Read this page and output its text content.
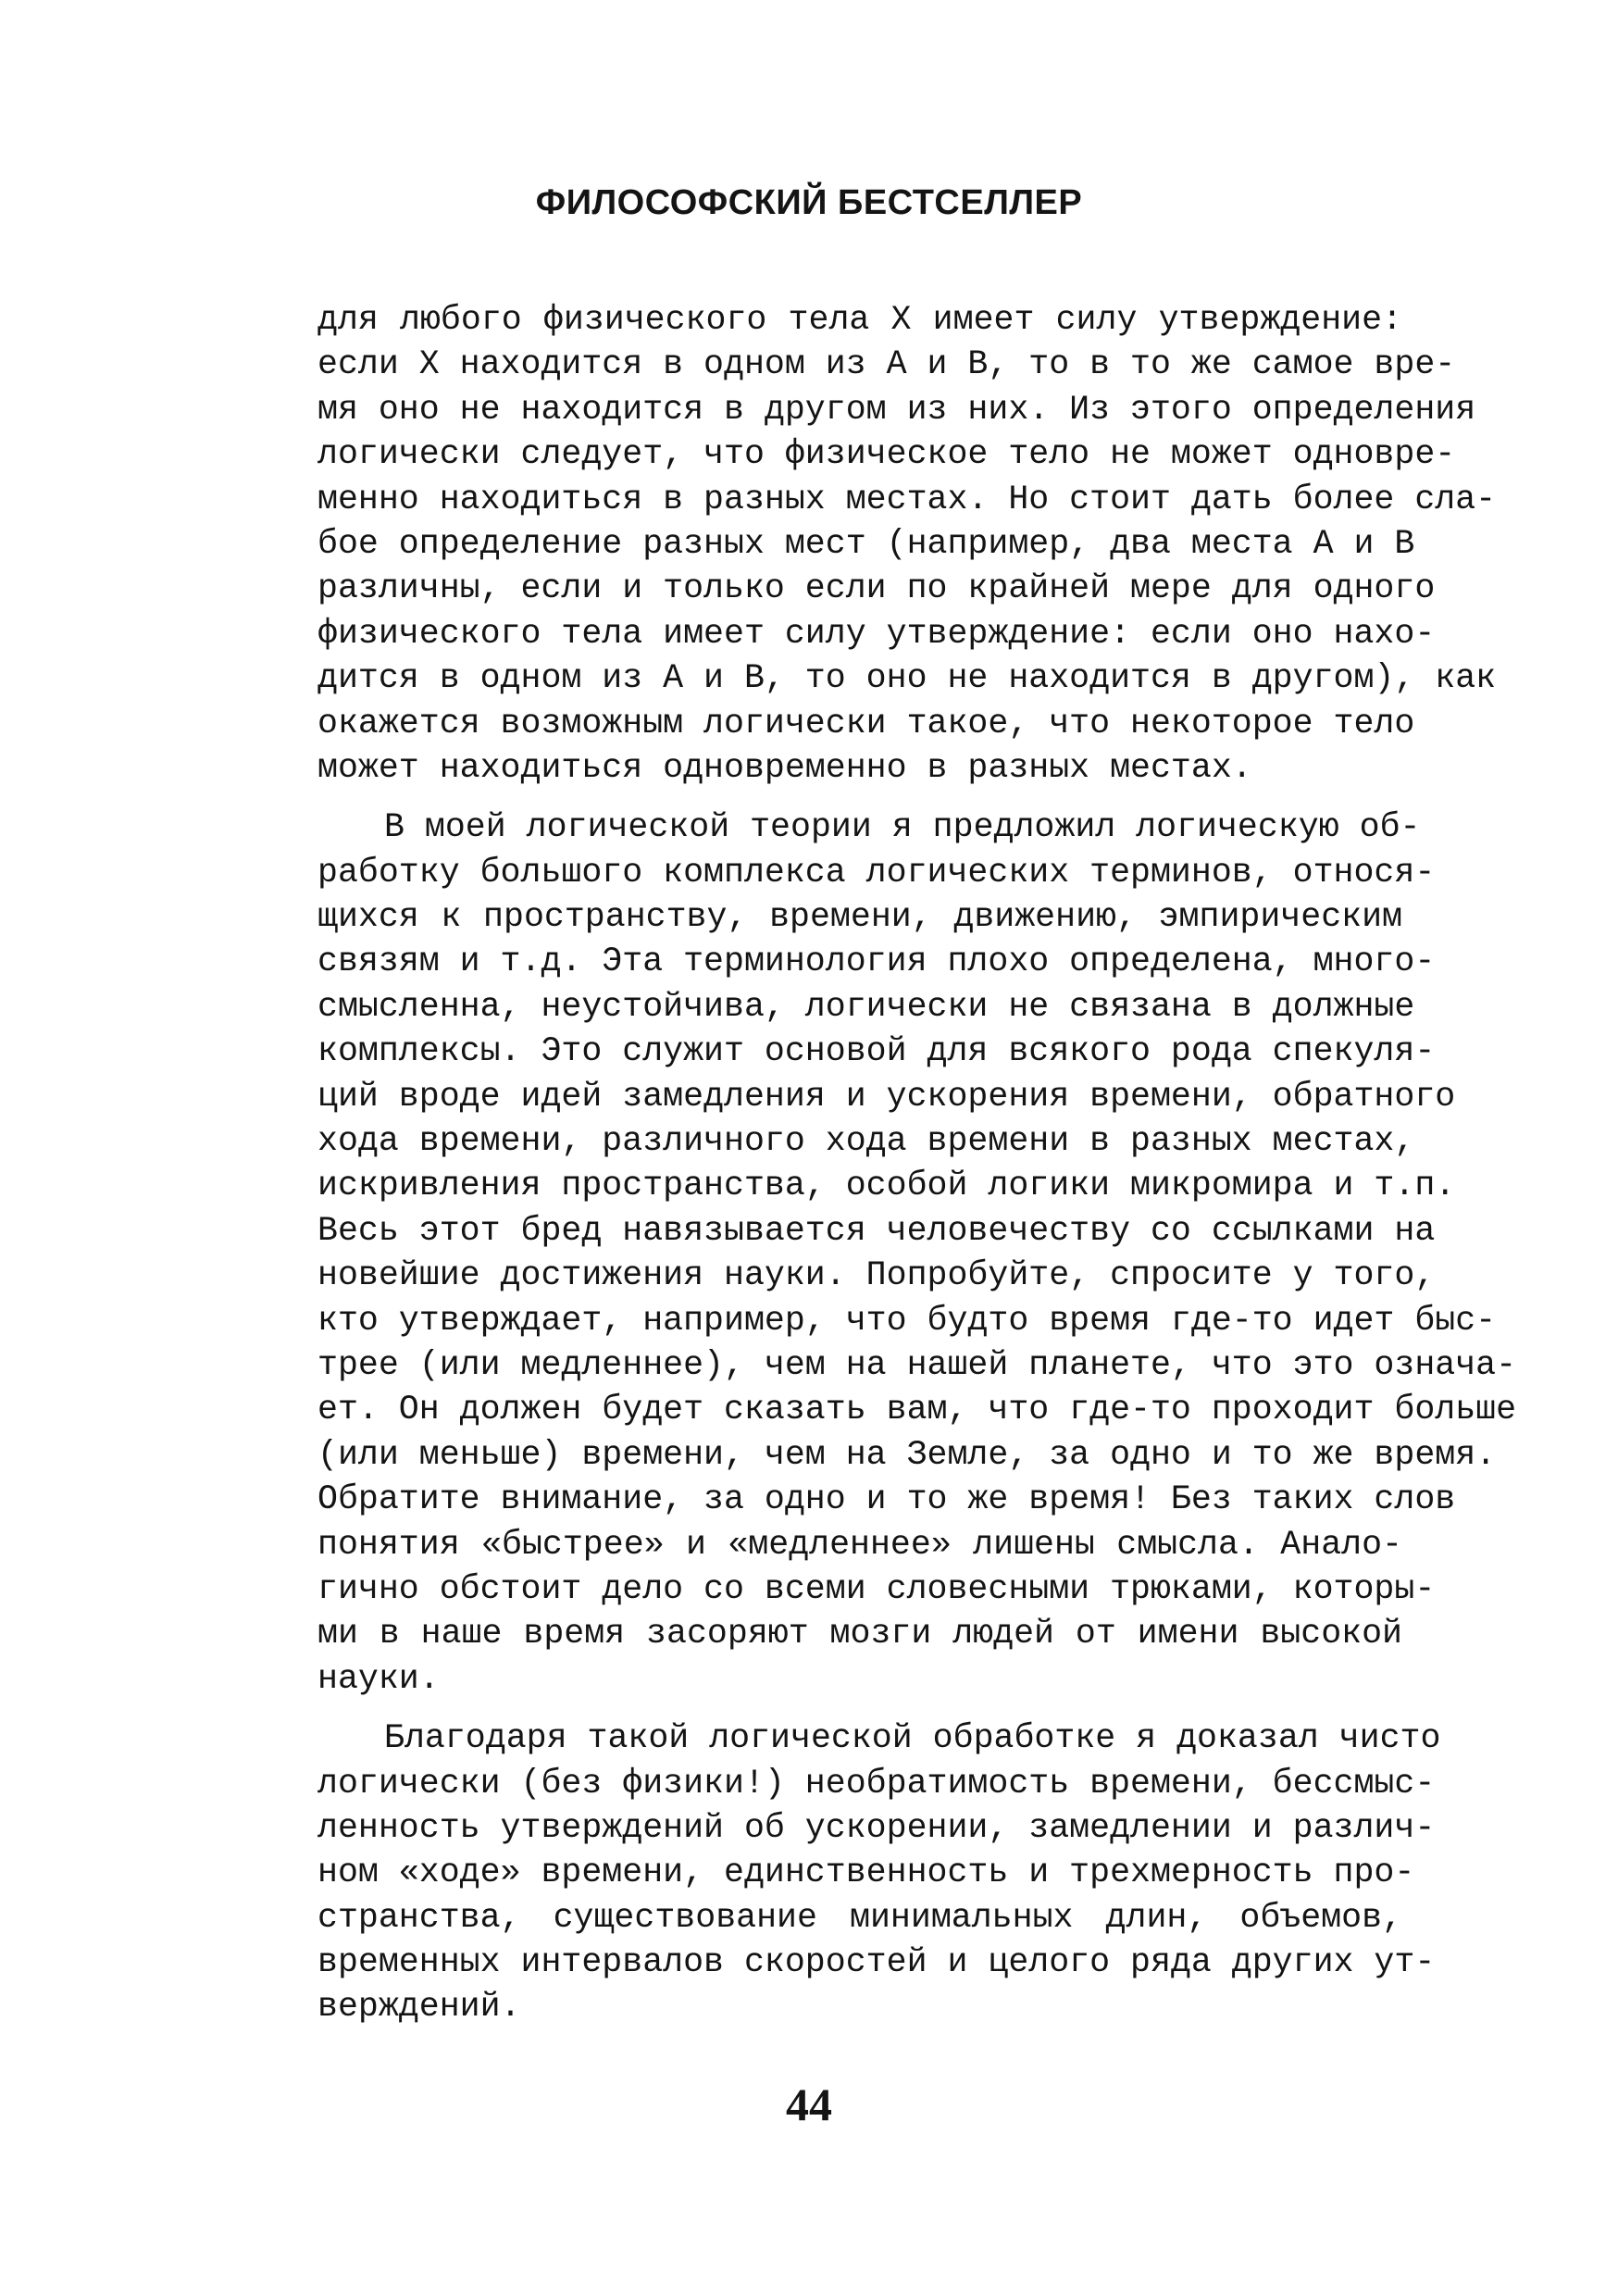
ФИЛОСОФСКИЙ БЕСТСЕЛЛЕР
для любого физического тела X имеет силу утверждение:
если X находится в одном из A и B, то в то же самое вре-
мя оно не находится в другом из них. Из этого определения
логически следует, что физическое тело не может одновре-
менно находиться в разных местах. Но стоит дать более сла-
бое определение разных мест (например, два места A и B
различны, если и только если по крайней мере для одного
физического тела имеет силу утверждение: если оно нахо-
дится в одном из A и B, то оно не находится в другом), как
окажется возможным логически такое, что некоторое тело
может находиться одновременно в разных местах.
В моей логической теории я предложил логическую об-
работку большого комплекса логических терминов, относя-
щихся к пространству, времени, движению, эмпирическим
связям и т.д. Эта терминология плохо определена, много-
смысленна, неустойчива, логически не связана в должные
комплексы. Это служит основой для всякого рода спекуля-
ций вроде идей замедления и ускорения времени, обратного
хода времени, различного хода времени в разных местах,
искривления пространства, особой логики микромира и т.п.
Весь этот бред навязывается человечеству со ссылками на
новейшие достижения науки. Попробуйте, спросите у того,
кто утверждает, например, что будто время где-то идет быс-
трее (или медленнее), чем на нашей планете, что это означа-
ет. Он должен будет сказать вам, что где-то проходит больше
(или меньше) времени, чем на Земле, за одно и то же время.
Обратите внимание, за одно и то же время! Без таких слов
понятия «быстрее» и «медленнее» лишены смысла. Анало-
гично обстоит дело со всеми словесными трюками, которы-
ми в наше время засоряют мозги людей от имени высокой
науки.
Благодаря такой логической обработке я доказал чисто
логически (без физики!) необратимость времени, бессмыс-
ленность утверждений об ускорении, замедлении и различ-
ном «ходе» времени, единственность и трехмерность про-
странства, существование минимальных длин, объемов,
временных интервалов скоростей и целого ряда других ут-
верждений.
44
